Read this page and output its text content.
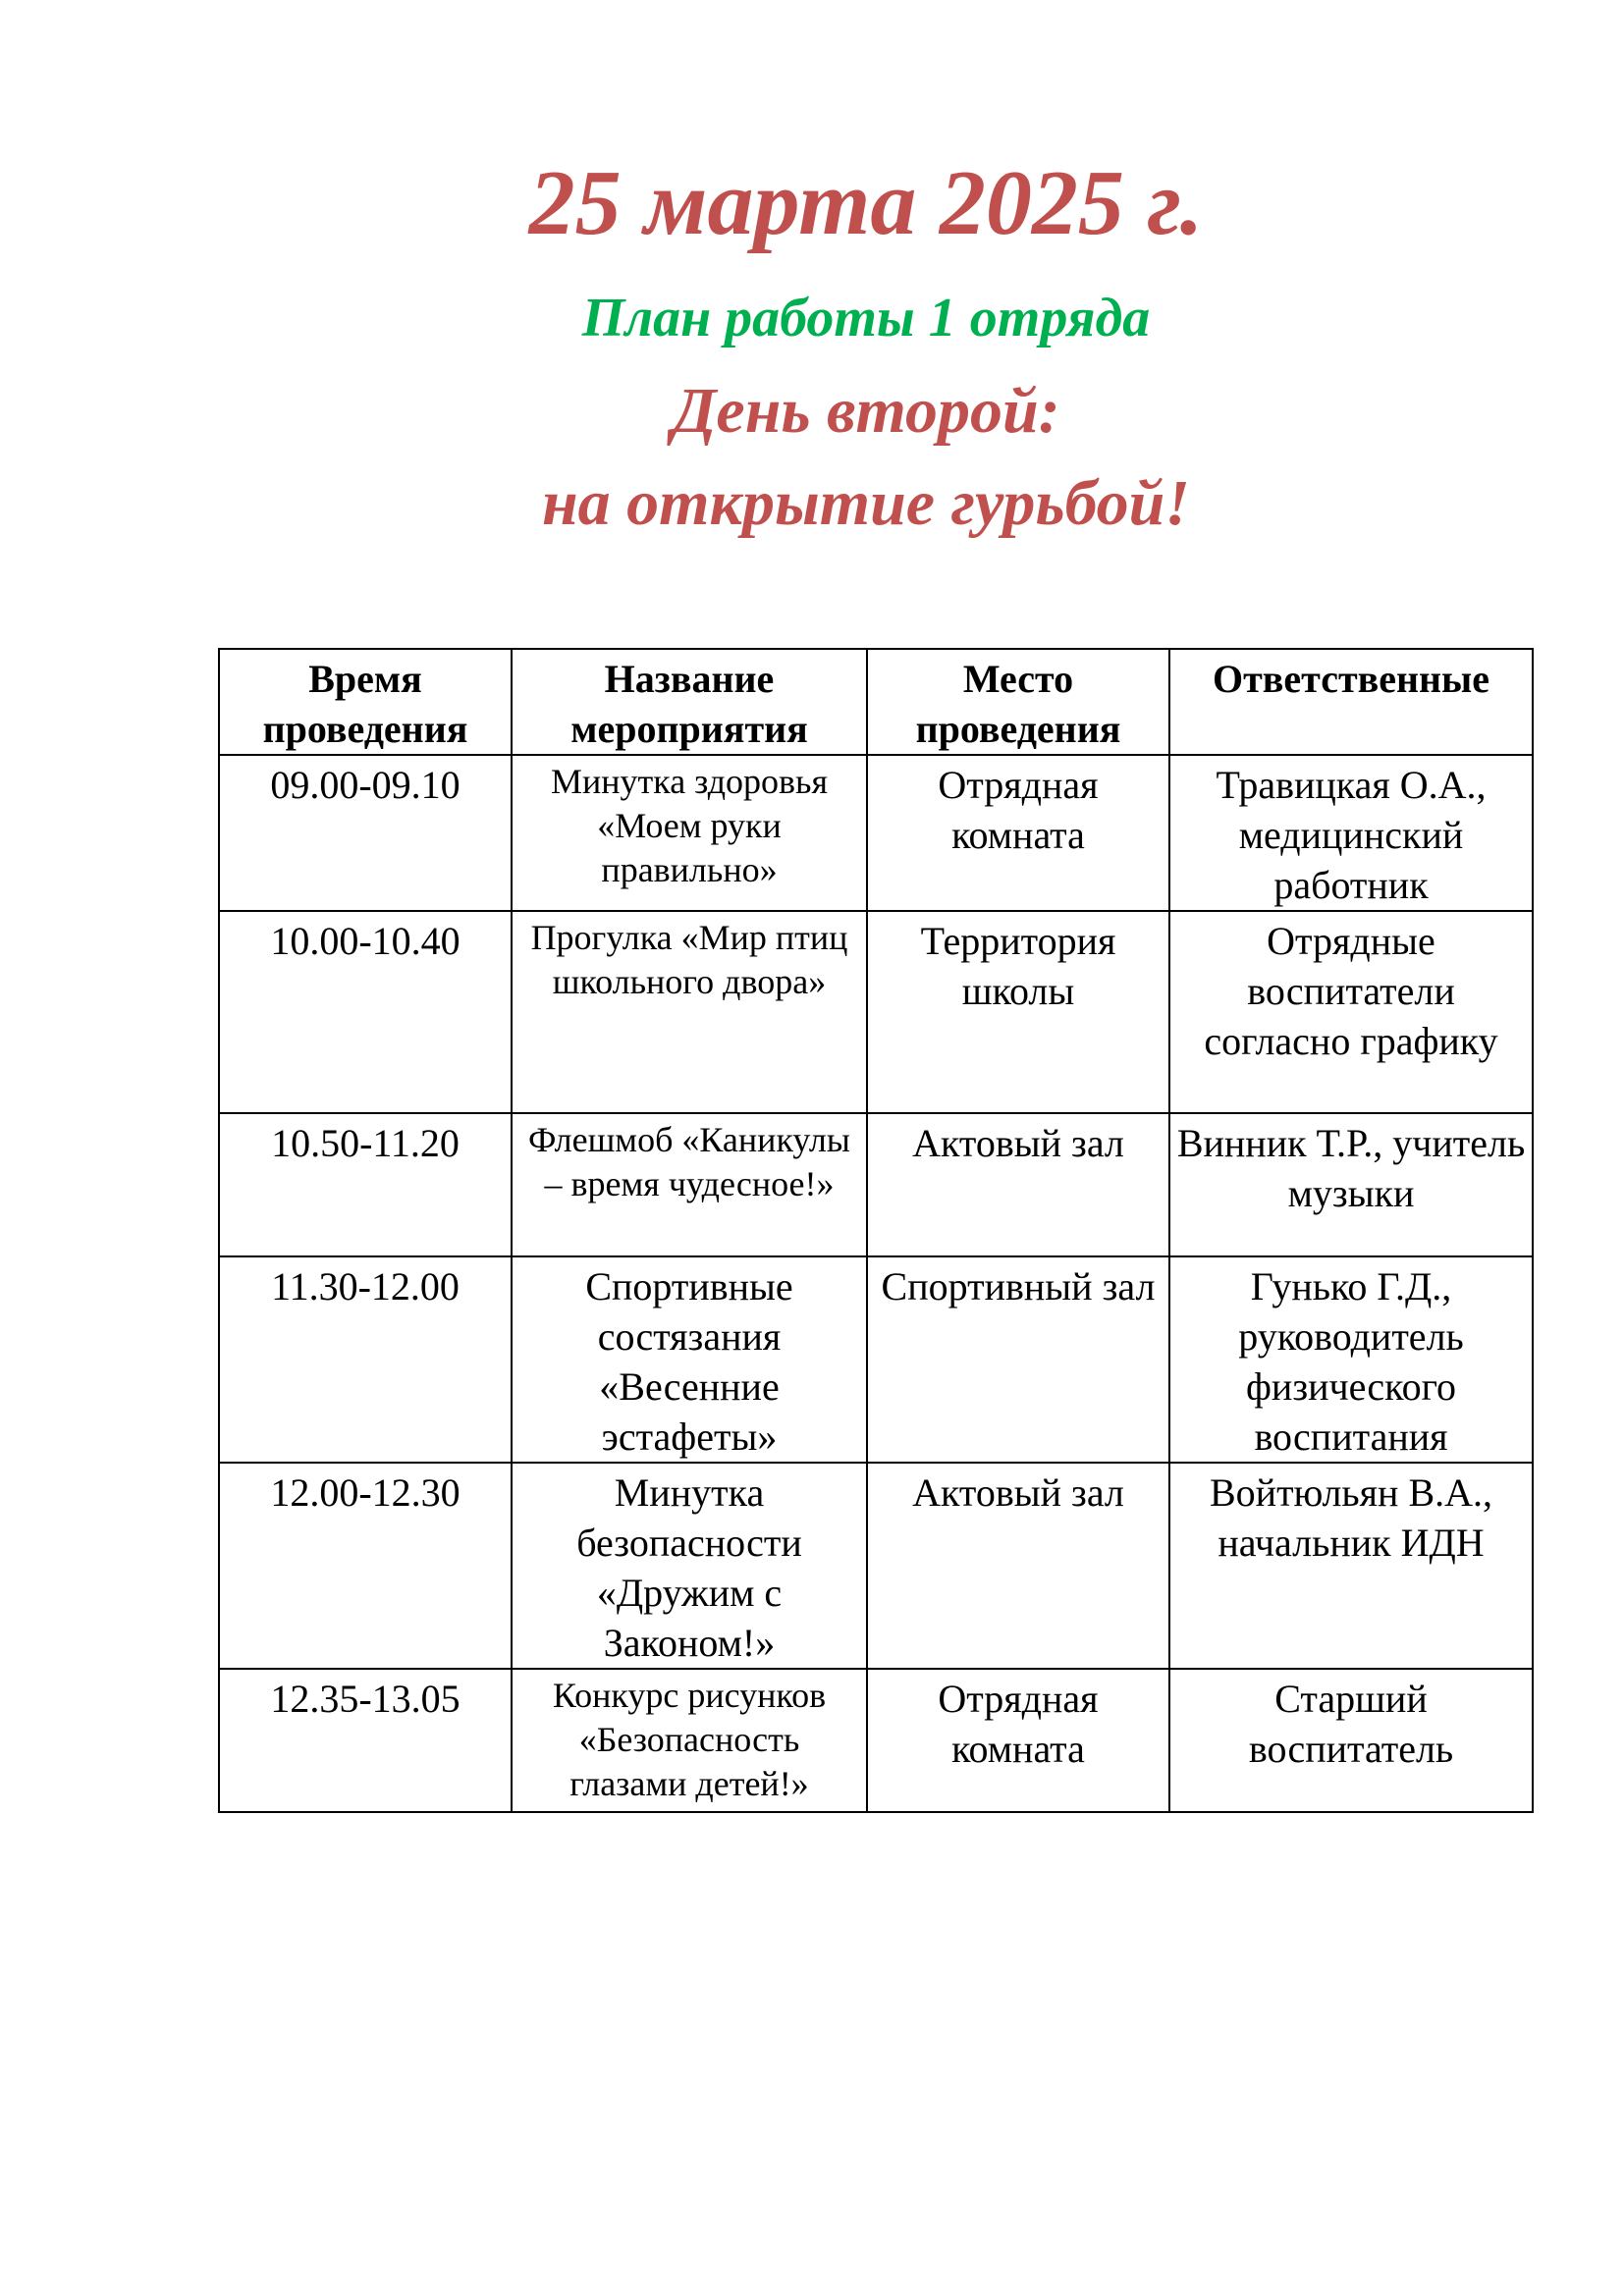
25 марта 2025 г.
План работы 1 отряда
День второй:
на открытие гурьбой!
Время проведения	Название мероприятия	Место проведения	Ответственные
09.00-09.10	Минутка здоровья «Моем руки правильно»	Отрядная комната	Травицкая О.А., медицинский работник
10.00-10.40	Прогулка «Мир птиц школьного двора»	Территория школы	Отрядные воспитатели согласно графику
10.50-11.20	Флешмоб «Каникулы – время чудесное!»	Актовый зал	Винник Т.Р., учитель музыки
11.30-12.00	Спортивные состязания «Весенние эстафеты»	Спортивный зал	Гунько Г.Д., руководитель физического воспитания
12.00-12.30	Минутка безопасности «Дружим с Законом!»	Актовый зал	Войтюльян В.А., начальник ИДН
12.35-13.05	Конкурс рисунков «Безопасность глазами детей!»	Отрядная комната	Старший воспитатель
